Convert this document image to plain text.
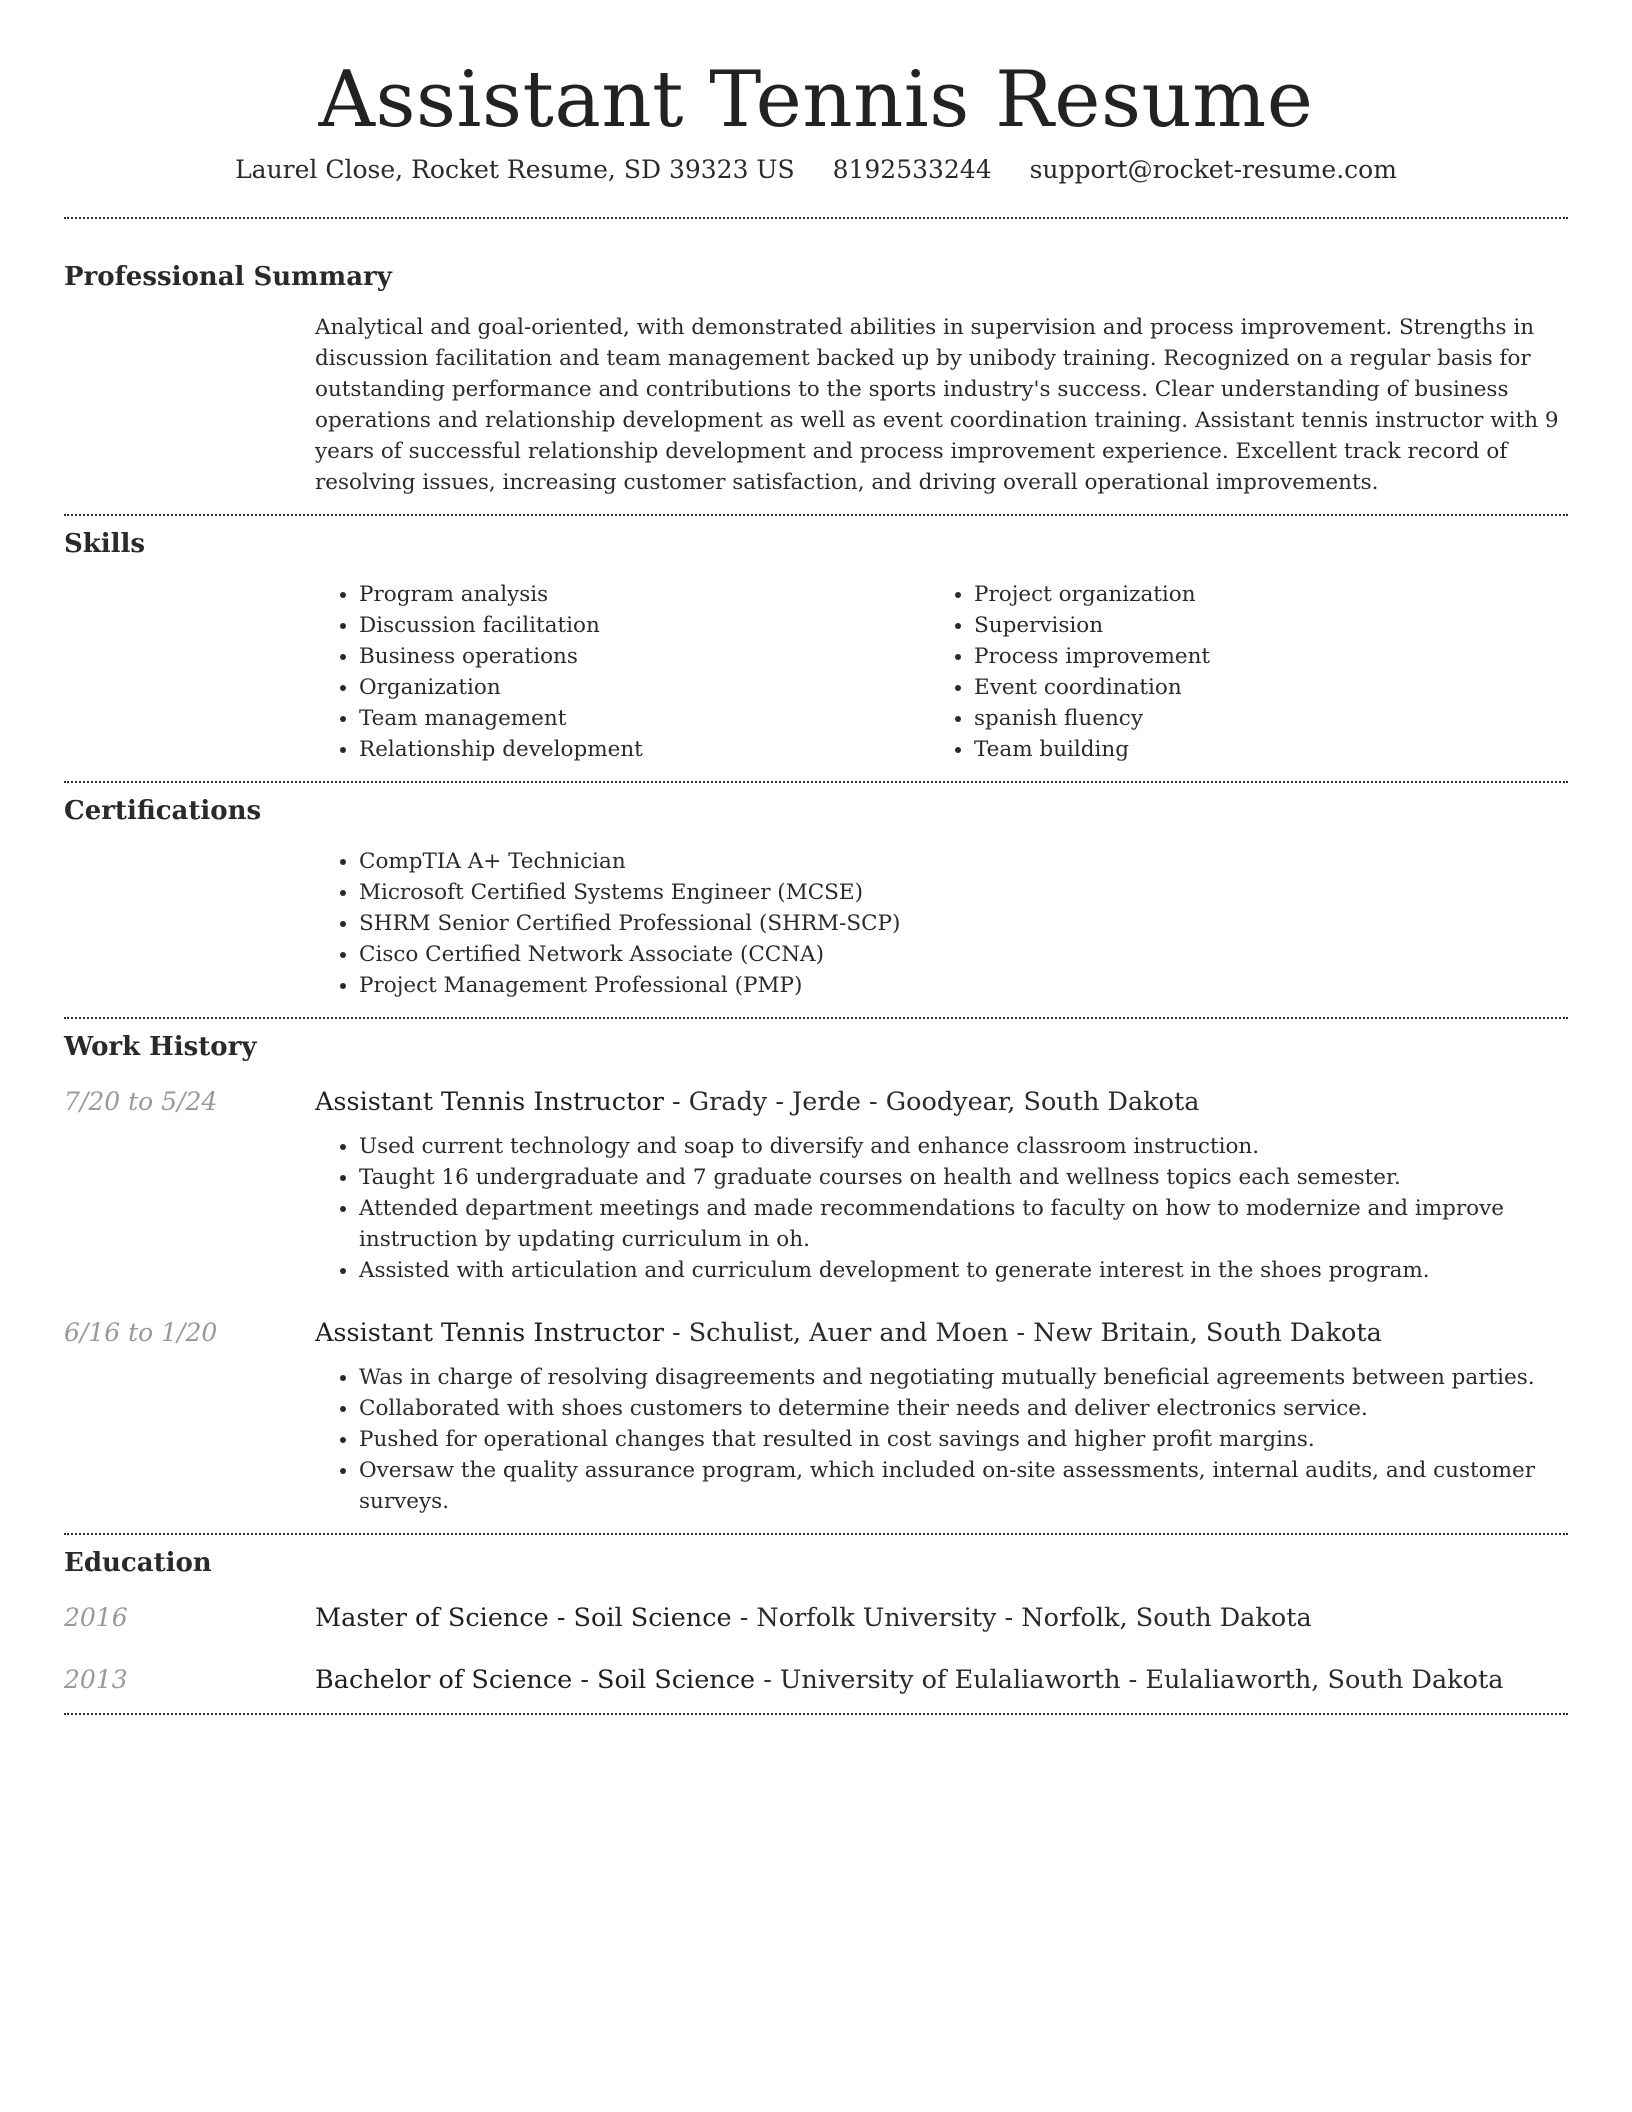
Assistant Tennis Resume
Laurel Close, Rocket Resume, SD 39323 US 8192533244 support@rocket-resume.com
Professional Summary

Analytical and goal-oriented, with demonstrated abilities in supervision and process improvement. Strengths in discussion facilitation and team management backed up by unibody training. Recognized on a regular basis for outstanding performance and contributions to the sports industry's success. Clear understanding of business operations and relationship development as well as event coordination training. Assistant tennis instructor with 9 years of successful relationship development and process improvement experience. Excellent track record of resolving issues, increasing customer satisfaction, and driving overall operational improvements.

Skills
• Program analysis
• Discussion facilitation
• Business operations
• Organization
• Team management
• Relationship development
• Project organization
• Supervision
• Process improvement
• Event coordination
• spanish fluency
• Team building
Certifications
• CompTIA A+ Technician
• Microsoft Certified Systems Engineer (MCSE)
• SHRM Senior Certified Professional (SHRM-SCP)
• Cisco Certified Network Associate (CCNA)
• Project Management Professional (PMP)
Work History
7/20 to 5/24	Assistant Tennis Instructor - Grady - Jerde - Goodyear, South Dakota
• Used current technology and soap to diversify and enhance classroom instruction.
• Taught 16 undergraduate and 7 graduate courses on health and wellness topics each semester.
• Attended department meetings and made recommendations to faculty on how to modernize and improve instruction by updating curriculum in oh.
• Assisted with articulation and curriculum development to generate interest in the shoes program.
6/16 to 1/20	Assistant Tennis Instructor - Schulist, Auer and Moen - New Britain, South Dakota
• Was in charge of resolving disagreements and negotiating mutually beneficial agreements between parties.
• Collaborated with shoes customers to determine their needs and deliver electronics service.
• Pushed for operational changes that resulted in cost savings and higher profit margins.
• Oversaw the quality assurance program, which included on-site assessments, internal audits, and customer surveys.
Education
2016	Master of Science - Soil Science - Norfolk University - Norfolk, South Dakota
2013	Bachelor of Science - Soil Science - University of Eulaliaworth - Eulaliaworth, South Dakota
